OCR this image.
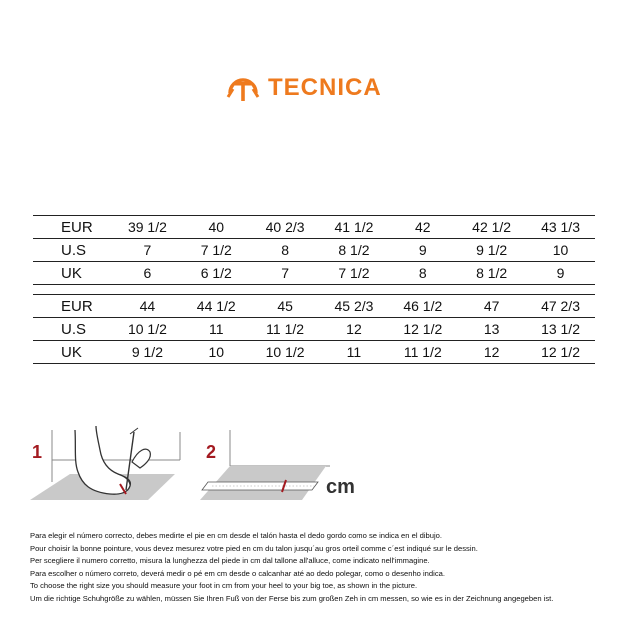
TECNICA
EUR	39 1/2	40	40 2/3	41 1/2	42	42 1/2	43 1/3
U.S	7	7 1/2	8	8 1/2	9	9 1/2	10
UK	6	6 1/2	7	7 1/2	8	8 1/2	9
EUR	44	44 1/2	45	45 2/3	46 1/2	47	47 2/3
U.S	10 1/2	11	11 1/2	12	12 1/2	13	13 1/2
UK	9 1/2	10	10 1/2	11	11 1/2	12	12 1/2
1	2
cm

Para elegir el número correcto, debes medirte el pie en cm desde el talón hasta el dedo gordo como se indica en el dibujo.

Pour choisir la bonne pointure, vous devez mesurez votre pied en cm du talon jusqu´au gros orteil comme c´est indiqué sur le dessin.

Per scegliere il numero corretto, misura la lunghezza del piede in cm dal tallone all'alluce, come indicato nell'immagine.

Para escolher o número correto, deverá medir o pé em cm desde o calcanhar até ao dedo polegar, como o desenho indica.

To choose the right size you should measure your foot in cm from your heel to your big toe, as shown in the picture.

Um die richtige Schuhgröße zu wählen, müssen Sie Ihren Fuß von der Ferse bis zum großen Zeh in cm messen, so wie es in der Zeichnung angegeben ist.
